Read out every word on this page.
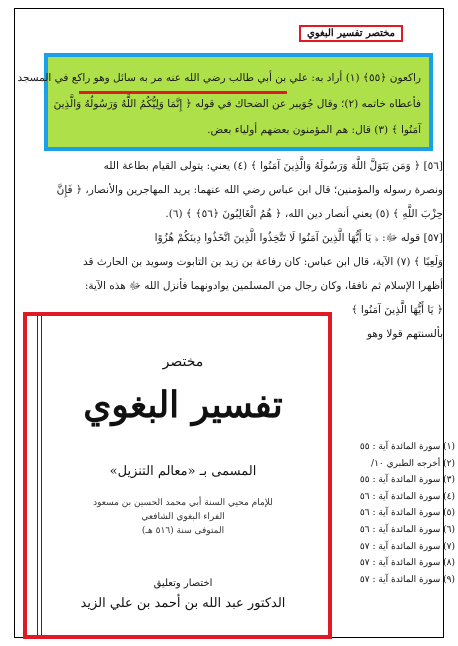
مختصر تفسير البغوي
راكعون ﴿٥٥﴾ (١) أراد به: علي بن أبي طالب رضي الله عنه مر به سائل وهو راكع في المسجد
فأعطاه خاتمه (٢)؛ وقال جُوَيبر عن الضحاك في قوله ﴿ إِنَّمَا وَلِيُّكُمُ اللَّهُ وَرَسُولُهُ وَالَّذِينَ
آمَنُوا ﴾ (٣) قال: هم المؤمنون بعضهم أولياء بعض.

[٥٦] ﴿ وَمَن يَتَوَلَّ اللَّهَ وَرَسُولَهُ وَالَّذِينَ آمَنُوا ﴾ (٤) يعني: يتولى القيام بطاعة الله

ونصرة رسوله والمؤمنين؛ قال ابن عباس رضي الله عنهما: يريد المهاجرين والأنصار، ﴿ فَإِنَّ

حِزْبَ اللَّهِ ﴾ (٥) يعني أنصار دين الله، ﴿ هُمُ الْغَالِبُونَ ﴿٥٦﴾ ﴾ (٦).

[٥٧] قوله ﷻ: ﴿ يَا أَيُّهَا الَّذِينَ آمَنُوا لَا تَتَّخِذُوا الَّذِينَ اتَّخَذُوا دِينَكُمْ هُزُوًا

وَلَعِبًا ﴾ (٧) الآية، قال ابن عباس: كان رفاعة بن زيد بن التابوت وسويد بن الحارث قد

أظهرا الإسلام ثم نافقا، وكان رجال من المسلمين يوادونهما فأنزل الله ﷻ هذه الآية:

﴿ يَا أَيُّهَا الَّذِينَ آمَنُوا ﴾

بألسنتهم قولا وهو

(١) سورة المائدة آية : ٥٥
(٢) أخرجه الطبري ١٠/
(٣) سورة المائدة آية : ٥٥
(٤) سورة المائدة آية : ٥٦
(٥) سورة المائدة آية : ٥٦
(٦) سورة المائدة آية : ٥٦
(٧) سورة المائدة آية : ٥٧
(٨) سورة المائدة آية : ٥٧
(٩) سورة المائدة آية : ٥٧
مختصر
تفسير البغوي
المسمى بـ «معالم التنزيل»
للإمام محيي السنة أبي محمد الحسين بن مسعود
الفراء البغوي الشافعي
المتوفى سنة (٥١٦ هـ)
اختصار وتعليق
الدكتور عبد الله بن أحمد بن علي الزيد
